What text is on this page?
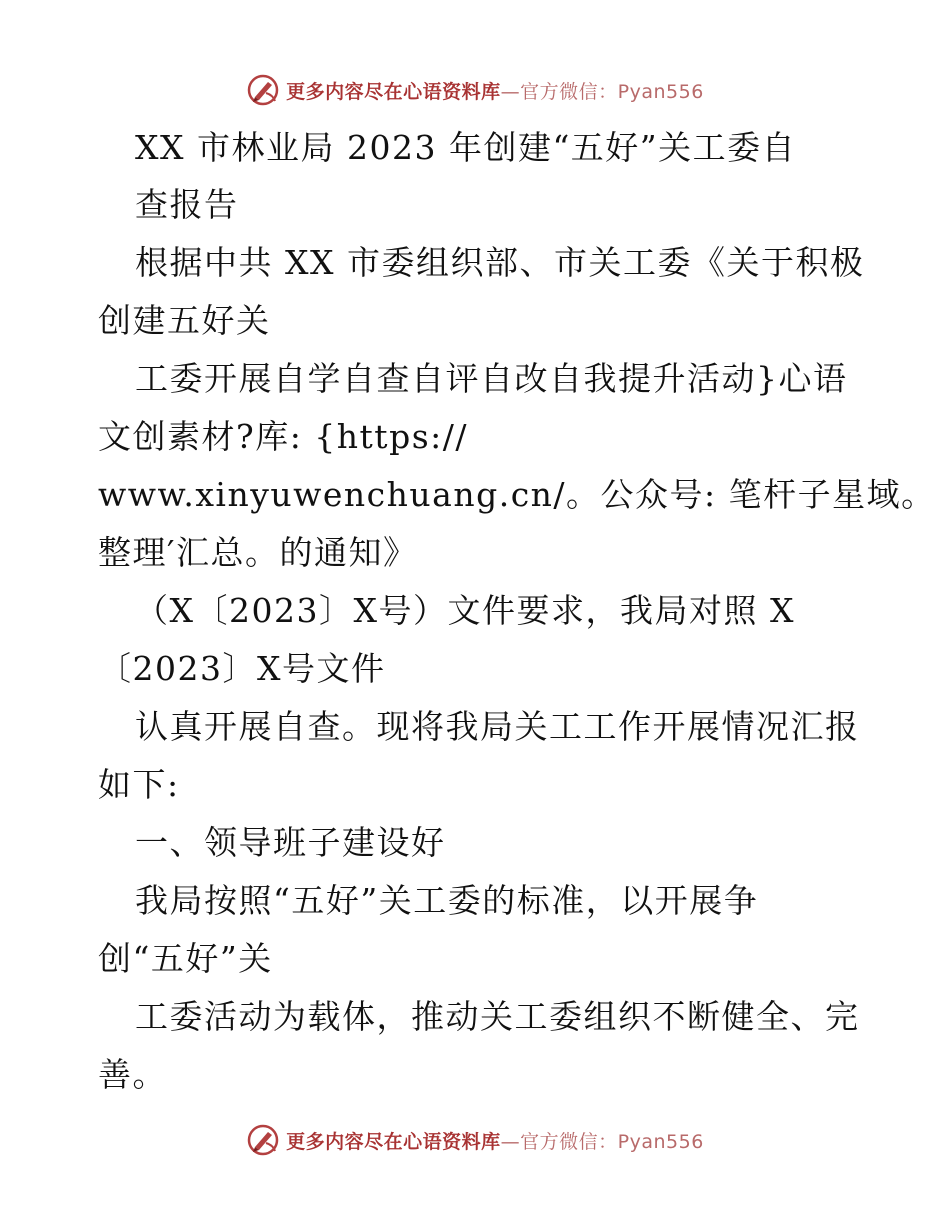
更多内容尽在心语资料库—官方微信：Pyan556
XX 市林业局 2023 年创建“五好”关工委自
查报告
根据中共 XX 市委组织部、市关工委《关于积极
创建五好关
工委开展自学自查自评自改自我提升活动}心语
文创素材?库: {https://
www.xinyuwenchuang.cn/。公众号: 笔杆子星域。
整理′汇总。的通知》
（X〔2023〕X号）文件要求，我局对照 X
〔2023〕X号文件
认真开展自查。现将我局关工工作开展情况汇报
如下:
一、领导班子建设好
我局按照“五好”关工委的标准，以开展争
创“五好”关
工委活动为载体，推动关工委组织不断健全、完
善。
更多内容尽在心语资料库—官方微信：Pyan556
